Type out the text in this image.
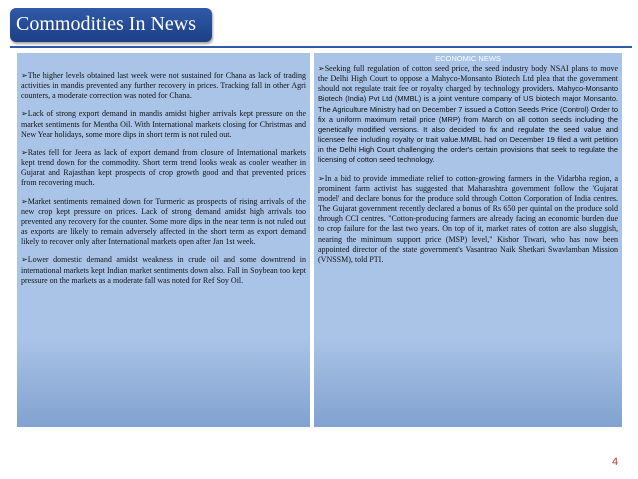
Commodities In News

➢The higher levels obtained last week were not sustained for Chana as lack of trading activities in mandis prevented any further recovery in prices. Tracking fall in other Agri counters, a moderate correction was noted for Chana.

➢Lack of strong export demand in mandis amidst higher arrivals kept pressure on the market sentiments for Mentha Oil. With International markets closing for Christmas and New Year holidays, some more dips in short term is not ruled out.

➢Rates fell for Jeera as lack of export demand from closure of International markets kept trend down for the commodity. Short term trend looks weak as cooler weather in Gujarat and Rajasthan kept prospects of crop growth good and that prevented prices from recovering much.

➢Market sentiments remained down for Turmeric as prospects of rising arrivals of the new crop kept pressure on prices. Lack of strong demand amidst high arrivals too prevented any recovery for the counter. Some more dips in the near term is not ruled out as exports are likely to remain adversely affected in the short term as export demand likely to recover only after International markets open after Jan 1st week.

➢Lower domestic demand amidst weakness in crude oil and some downtrend in international markets kept Indian market sentiments down also. Fall in Soybean too kept pressure on the markets as a moderate fall was noted for Ref Soy Oil.

ECONOMIC NEWS

➢Seeking full regulation of cotton seed price, the seed industry body NSAI plans to move the Delhi High Court to oppose a Mahyco-Monsanto Biotech Ltd plea that the government should not regulate trait fee or royalty charged by technology providers. Mahyco-Monsanto Biotech (India) Pvt Ltd (MMBL) is a joint venture company of US biotech major Monsanto. The Agriculture Ministry had on December 7 issued a Cotton Seeds Price (Control) Order to fix a uniform maximum retail price (MRP) from March on all cotton seeds including the genetically modified versions. It also decided to fix and regulate the seed value and licensee fee including royalty or trait value.MMBL had on December 19 filed a writ petition in the Delhi High Court challenging the order's certain provisions that seek to regulate the licensing of cotton seed technology.

➢In a bid to provide immediate relief to cotton-growing farmers in the Vidarbha region, a prominent farm activist has suggested that Maharashtra government follow the 'Gujarat model' and declare bonus for the produce sold through Cotton Corporation of India centres. The Gujarat government recently declared a bonus of Rs 650 per quintal on the produce sold through CCI centres. "Cotton-producing farmers are already facing an economic burden due to crop failure for the last two years. On top of it, market rates of cotton are also sluggish, nearing the minimum support price (MSP) level," Kishor Tiwari, who has now been appointed director of the state government's Vasantrao Naik Shetkari Swavlamban Mission (VNSSM), told PTI.

4
